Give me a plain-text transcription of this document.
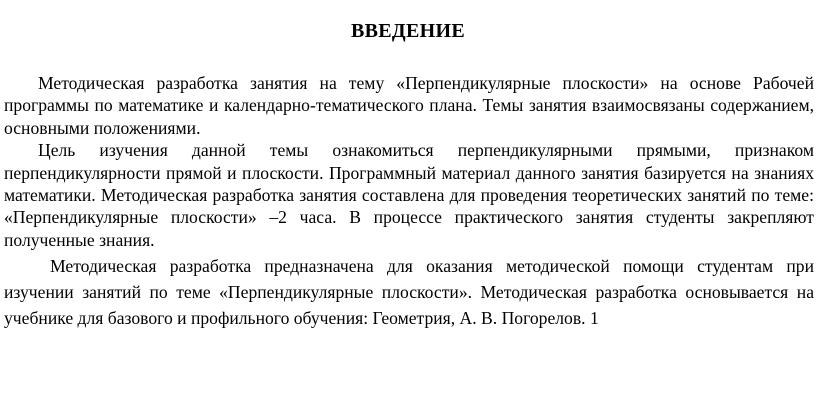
ВВЕДЕНИЕ

Методическая разработка занятия на тему «Перпендикулярные плоскости» на основе Рабочей программы по математике и календарно-тематического плана. Темы занятия взаимосвязаны содержанием, основными положениями.

Цель изучения данной темы ознакомиться перпендикулярными прямыми, признаком перпендикулярности прямой и плоскости. Программный материал данного занятия базируется на знаниях математики. Методическая разработка занятия составлена для проведения теоретических занятий по теме: «Перпендикулярные плоскости» –2 часа. В процессе практического занятия студенты закрепляют полученные знания.

Методическая разработка предназначена для оказания методической помощи студентам при изучении занятий по теме «Перпендикулярные плоскости». Методическая разработка основывается на учебнике для базового и профильного обучения: Геометрия, А. В. Погорелов. 1
